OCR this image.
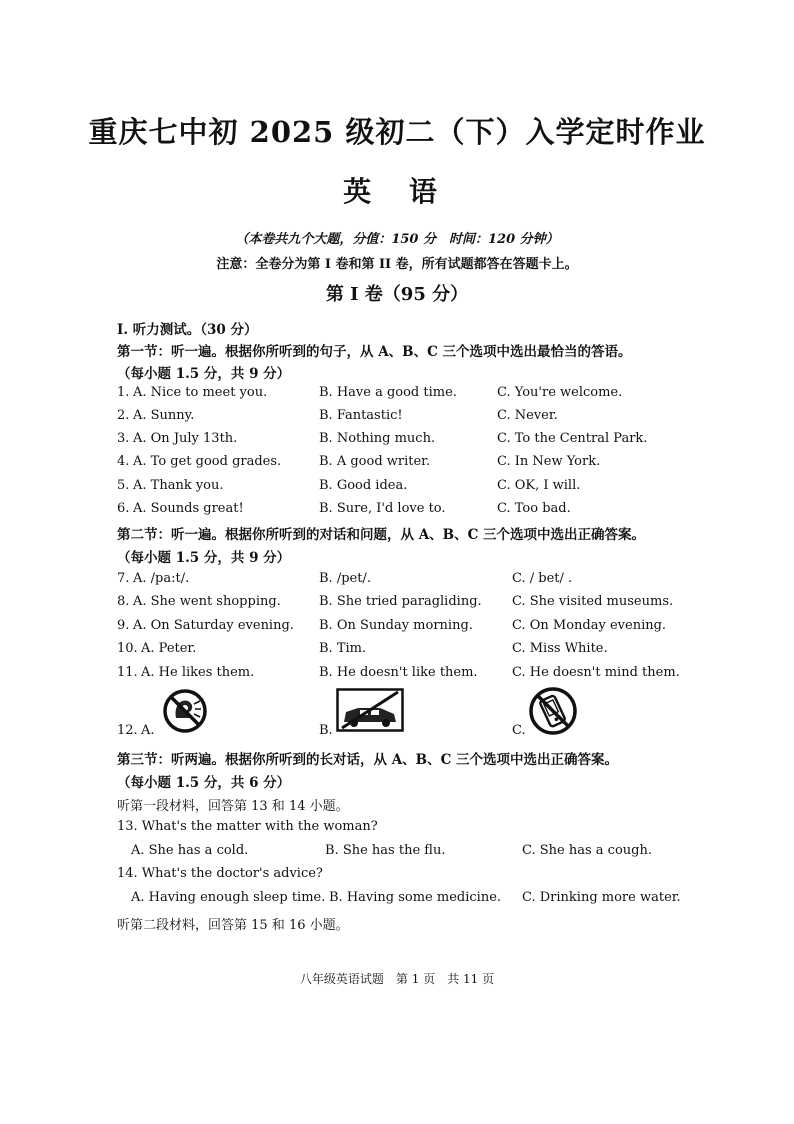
重庆七中初 2025 级初二（下）入学定时作业
英 语
（本卷共九个大题，分值：150 分　时间：120 分钟）
注意：全卷分为第 I 卷和第 II 卷，所有试题都答在答题卡上。
第 I 卷（95 分）
I. 听力测试。（30 分）
第一节：听一遍。根据你所听到的句子，从 A、B、C 三个选项中选出最恰当的答语。
（每小题 1.5 分，共 9 分）
1. A. Nice to meet you.	B. Have a good time.	C. You're welcome.
2. A. Sunny.	B. Fantastic!	C. Never.
3. A. On July 13th.	B. Nothing much.	C. To the Central Park.
4. A. To get good grades.	B. A good writer.	C. In New York.
5. A. Thank you.	B. Good idea.	C. OK, I will.
6. A. Sounds great!	B. Sure, I'd love to.	C. Too bad.
第二节：听一遍。根据你所听到的对话和问题，从 A、B、C 三个选项中选出正确答案。
（每小题 1.5 分，共 9 分）
7. A. /pa:t/.	B. /pet/.	C. / bet/ .
8. A. She went shopping.	B. She tried paragliding. C. She visited museums.
9. A. On Saturday evening. B. On Sunday morning.	C. On Monday evening.
10. A. Peter.	B. Tim.	C. Miss White.
11. A. He likes them.	B. He doesn't like them.	C. He doesn't mind them.
12. A.	B.	C.
第三节：听两遍。根据你所听到的长对话，从 A、B、C 三个选项中选出正确答案。
（每小题 1.5 分，共 6 分）
听第一段材料，回答第 13 和 14 小题。
13. What's the matter with the woman?
A. She has a cold.	B. She has the flu.	C. She has a cough.
14. What's the doctor's advice?
A. Having enough sleep time. B. Having some medicine. C. Drinking more water.
听第二段材料，回答第 15 和 16 小题。
八年级英语试题　第 1 页　共 11 页
